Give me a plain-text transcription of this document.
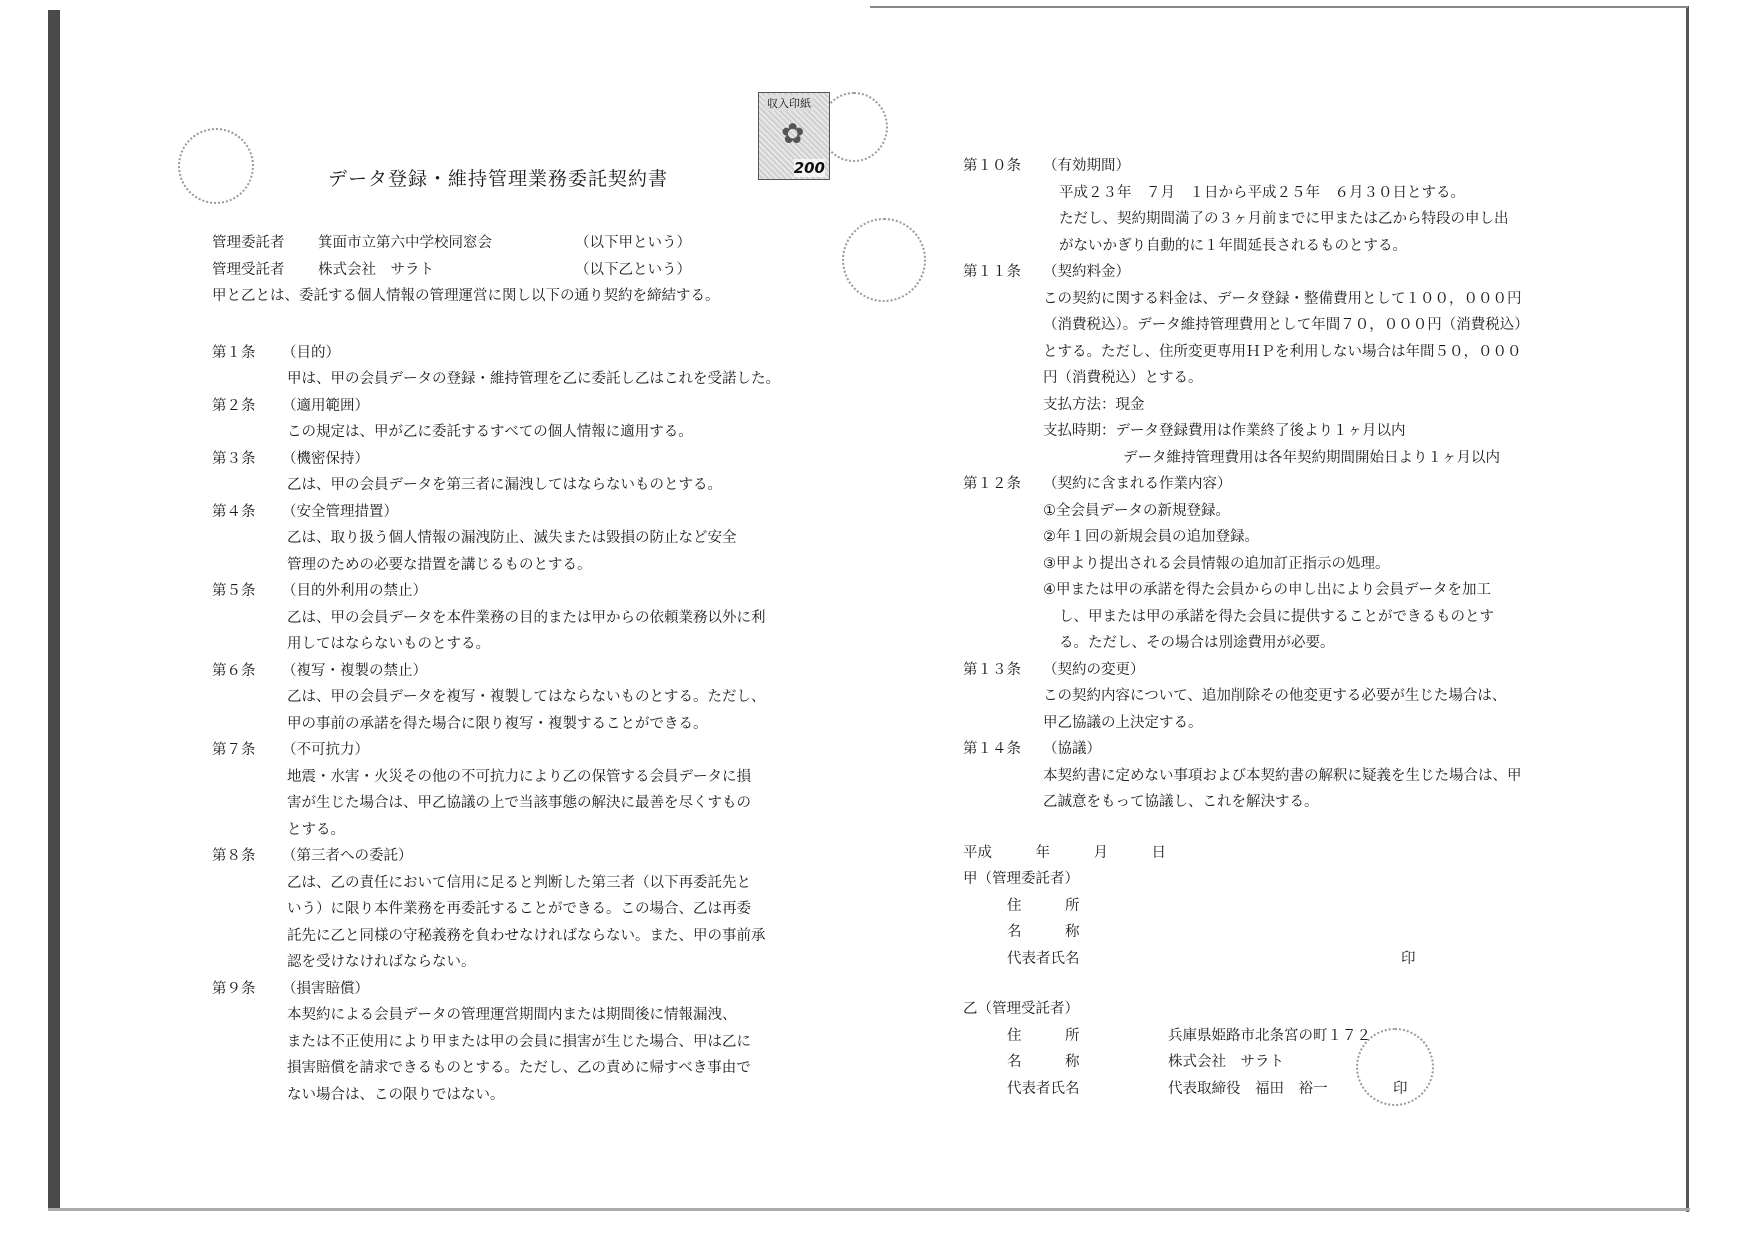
収入印紙
✿
200
データ登録・維持管理業務委託契約書
管理委託者	箕面市立第六中学校同窓会	（以下甲という）
管理受託者	株式会社　サラト	（以下乙という）
甲と乙とは、委託する個人情報の管理運営に関し以下の通り契約を締結する。
第１条 （目的）
甲は、甲の会員データの登録・維持管理を乙に委託し乙はこれを受諾した。
第２条 （適用範囲）
この規定は、甲が乙に委託するすべての個人情報に適用する。
第３条 （機密保持）
乙は、甲の会員データを第三者に漏洩してはならないものとする。
第４条 （安全管理措置）
乙は、取り扱う個人情報の漏洩防止、滅失または毀損の防止など安全
管理のための必要な措置を講じるものとする。
第５条 （目的外利用の禁止）
乙は、甲の会員データを本件業務の目的または甲からの依頼業務以外に利
用してはならないものとする。
第６条 （複写・複製の禁止）
乙は、甲の会員データを複写・複製してはならないものとする。ただし、
甲の事前の承諾を得た場合に限り複写・複製することができる。
第７条 （不可抗力）
地震・水害・火災その他の不可抗力により乙の保管する会員データに損
害が生じた場合は、甲乙協議の上で当該事態の解決に最善を尽くすもの
とする。
第８条 （第三者への委託）
乙は、乙の責任において信用に足ると判断した第三者（以下再委託先と
いう）に限り本件業務を再委託することができる。この場合、乙は再委
託先に乙と同様の守秘義務を負わせなければならない。また、甲の事前承
認を受けなければならない。
第９条 （損害賠償）
本契約による会員データの管理運営期間内または期間後に情報漏洩、
または不正使用により甲または甲の会員に損害が生じた場合、甲は乙に
損害賠償を請求できるものとする。ただし、乙の責めに帰すべき事由で
ない場合は、この限りではない。
第１０条 （有効期間）
平成２３年　７月　１日から平成２５年　６月３０日とする。
ただし、契約期間満了の３ヶ月前までに甲または乙から特段の申し出
がないかぎり自動的に１年間延長されるものとする。
第１１条 （契約料金）
この契約に関する料金は、データ登録・整備費用として１００，０００円
（消費税込）。データ維持管理費用として年間７０，０００円（消費税込）
とする。ただし、住所変更専用ＨＰを利用しない場合は年間５０，０００
円（消費税込）とする。
支払方法：現金
支払時期：データ登録費用は作業終了後より１ヶ月以内
データ維持管理費用は各年契約期間開始日より１ヶ月以内
第１２条 （契約に含まれる作業内容）
①全会員データの新規登録。
②年１回の新規会員の追加登録。
③甲より提出される会員情報の追加訂正指示の処理。
④甲または甲の承諾を得た会員からの申し出により会員データを加工
し、甲または甲の承諾を得た会員に提供することができるものとす
る。ただし、その場合は別途費用が必要。
第１３条 （契約の変更）
この契約内容について、追加削除その他変更する必要が生じた場合は、
甲乙協議の上決定する。
第１４条 （協議）
本契約書に定めない事項および本契約書の解釈に疑義を生じた場合は、甲
乙誠意をもって協議し、これを解決する。
平成　　　年　　　月　　　日
甲（管理委託者）
住　　　所
名　　　称
代表者氏名	印
乙（管理受託者）
住　　　所	兵庫県姫路市北条宮の町１７２
名　　　称	株式会社　サラト
代表者氏名	代表取締役　福田　裕一	印
